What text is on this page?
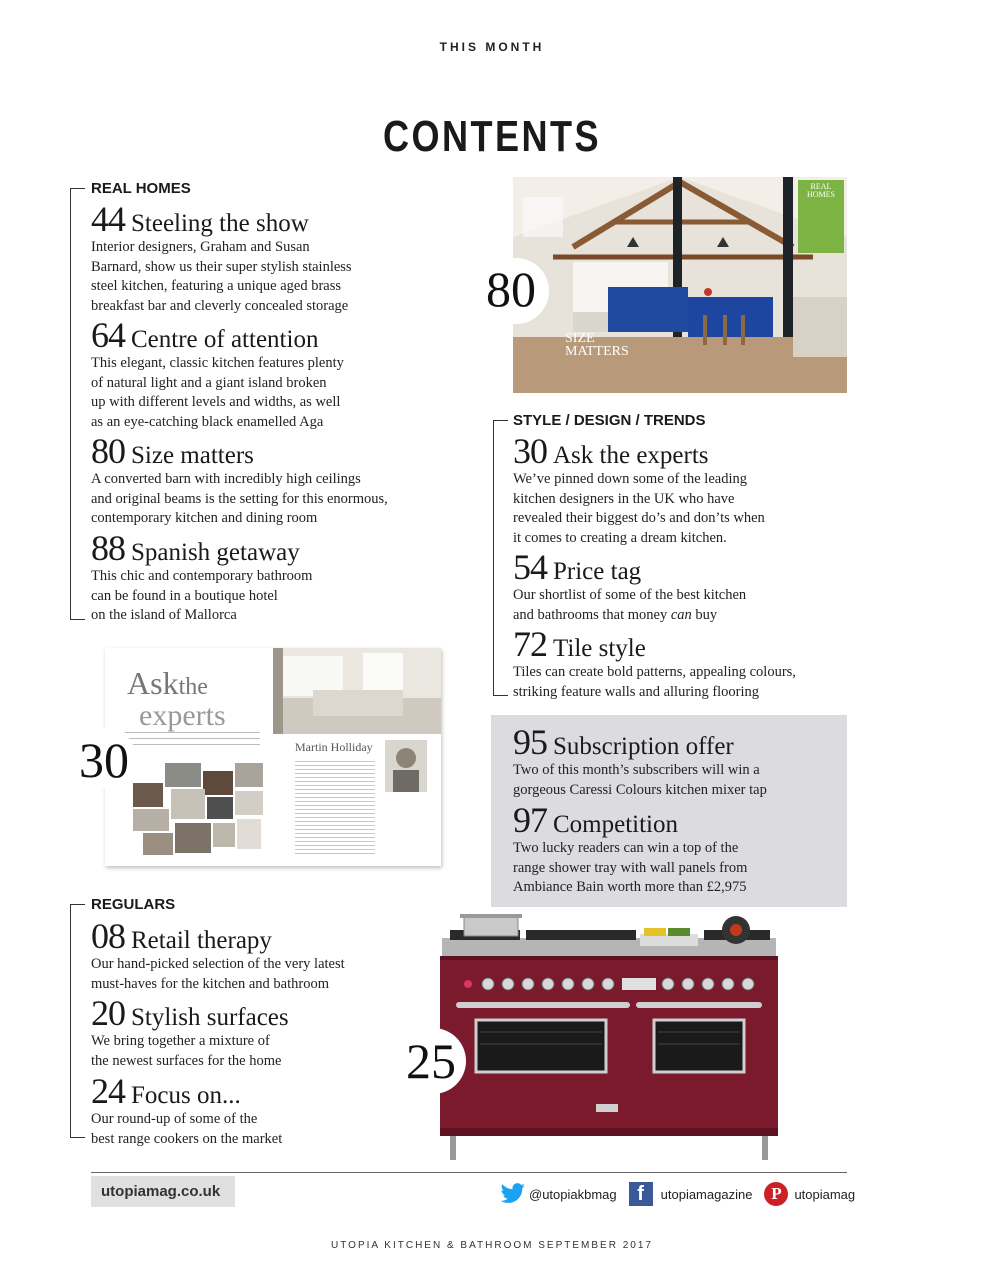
THIS MONTH
CONTENTS
REAL HOMES
44 Steeling the show
Interior designers, Graham and Susan
Barnard, show us their super stylish stainless
steel kitchen, featuring a unique aged brass
breakfast bar and cleverly concealed storage
64 Centre of attention
This elegant, classic kitchen features plenty
of natural light and a giant island broken
up with different levels and widths, as well
as an eye-catching black enamelled Aga
80 Size matters
A converted barn with incredibly high ceilings
and original beams is the setting for this enormous,
contemporary kitchen and dining room
88 Spanish getaway
This chic and contemporary bathroom
can be found in a boutique hotel
on the island of Mallorca
REAL
HOMES
SIZE
MATTERS
80
STYLE / DESIGN / TRENDS
30 Ask the experts
We’ve pinned down some of the leading
kitchen designers in the UK who have
revealed their biggest do’s and don’ts when
it comes to creating a dream kitchen.
54 Price tag
Our shortlist of some of the best kitchen
and bathrooms that money can buy
72 Tile style
Tiles can create bold patterns, appealing colours,
striking feature walls and alluring flooring
Askthe
experts
Martin Holliday
30	95 Subscription offer
Two of this month’s subscribers will win a
gorgeous Caressi Colours kitchen mixer tap
97 Competition
Two lucky readers can win a top of the
range shower tray with wall panels from
Ambiance Bain worth more than £2,975
REGULARS
08 Retail therapy
Our hand-picked selection of the very latest
must-haves for the kitchen and bathroom
20 Stylish surfaces
We bring together a mixture of
the newest surfaces for the home
24 Focus on...
Our round-up of some of the
best range cookers on the market
25
utopiamag.co.uk	@utopiakbmag	f	utopiamagazine	P utopiamag
UTOPIA KITCHEN & BATHROOM SEPTEMBER 2017
